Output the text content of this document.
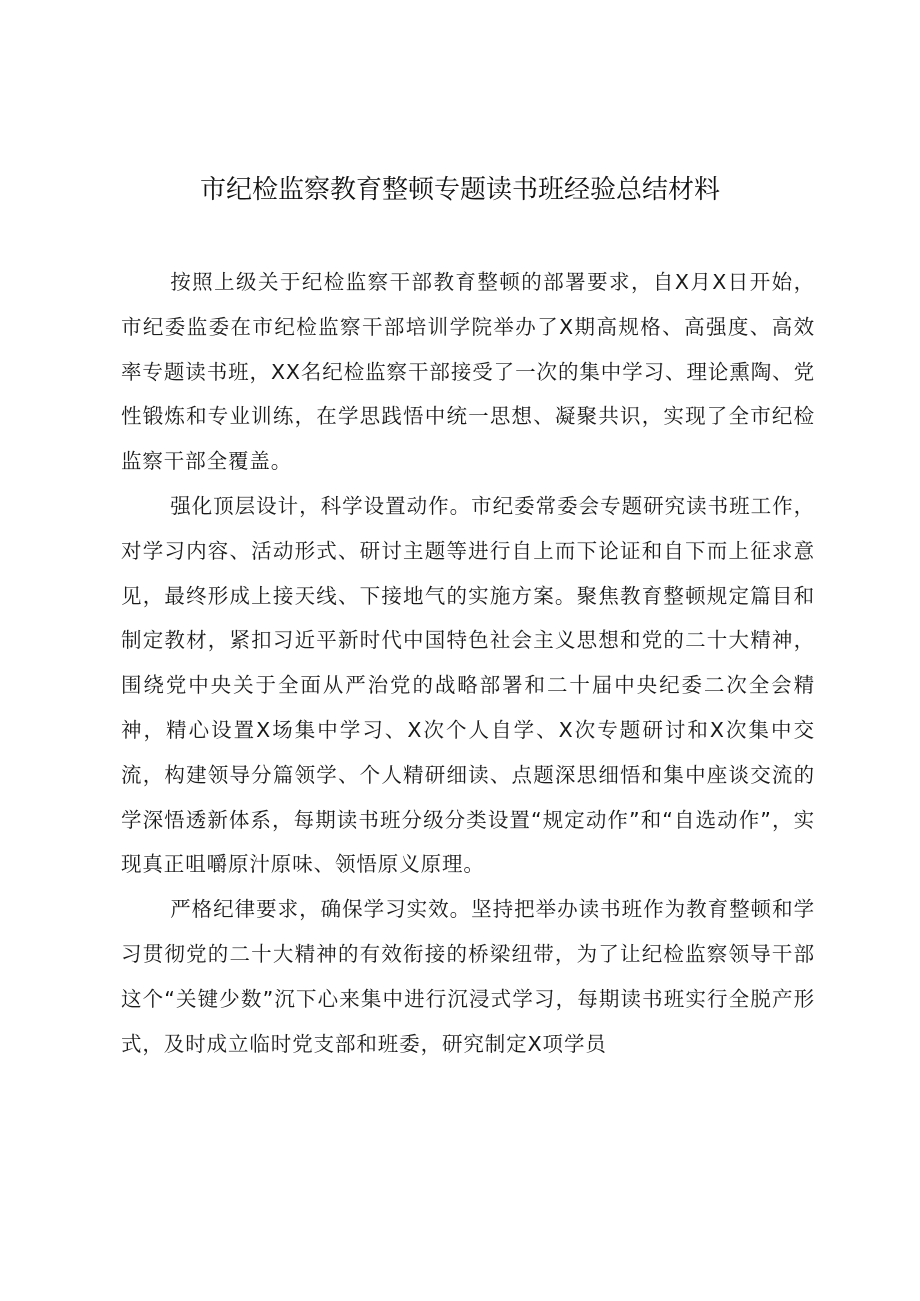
市纪检监察教育整顿专题读书班经验总结材料

按照上级关于纪检监察干部教育整顿的部署要求，自X月X日开始，市纪委监委在市纪检监察干部培训学院举办了X期高规格、高强度、高效率专题读书班，XX名纪检监察干部接受了一次的集中学习、理论熏陶、党性锻炼和专业训练，在学思践悟中统一思想、凝聚共识，实现了全市纪检监察干部全覆盖。

强化顶层设计，科学设置动作。市纪委常委会专题研究读书班工作，对学习内容、活动形式、研讨主题等进行自上而下论证和自下而上征求意见，最终形成上接天线、下接地气的实施方案。聚焦教育整顿规定篇目和制定教材，紧扣习近平新时代中国特色社会主义思想和党的二十大精神，围绕党中央关于全面从严治党的战略部署和二十届中央纪委二次全会精神，精心设置X场集中学习、X次个人自学、X次专题研讨和X次集中交流，构建领导分篇领学、个人精研细读、点题深思细悟和集中座谈交流的学深悟透新体系，每期读书班分级分类设置“规定动作”和“自选动作”，实现真正咀嚼原汁原味、领悟原义原理。

严格纪律要求，确保学习实效。坚持把举办读书班作为教育整顿和学习贯彻党的二十大精神的有效衔接的桥梁纽带，为了让纪检监察领导干部这个“关键少数”沉下心来集中进行沉浸式学习，每期读书班实行全脱产形式，及时成立临时党支部和班委，研究制定X项学员
